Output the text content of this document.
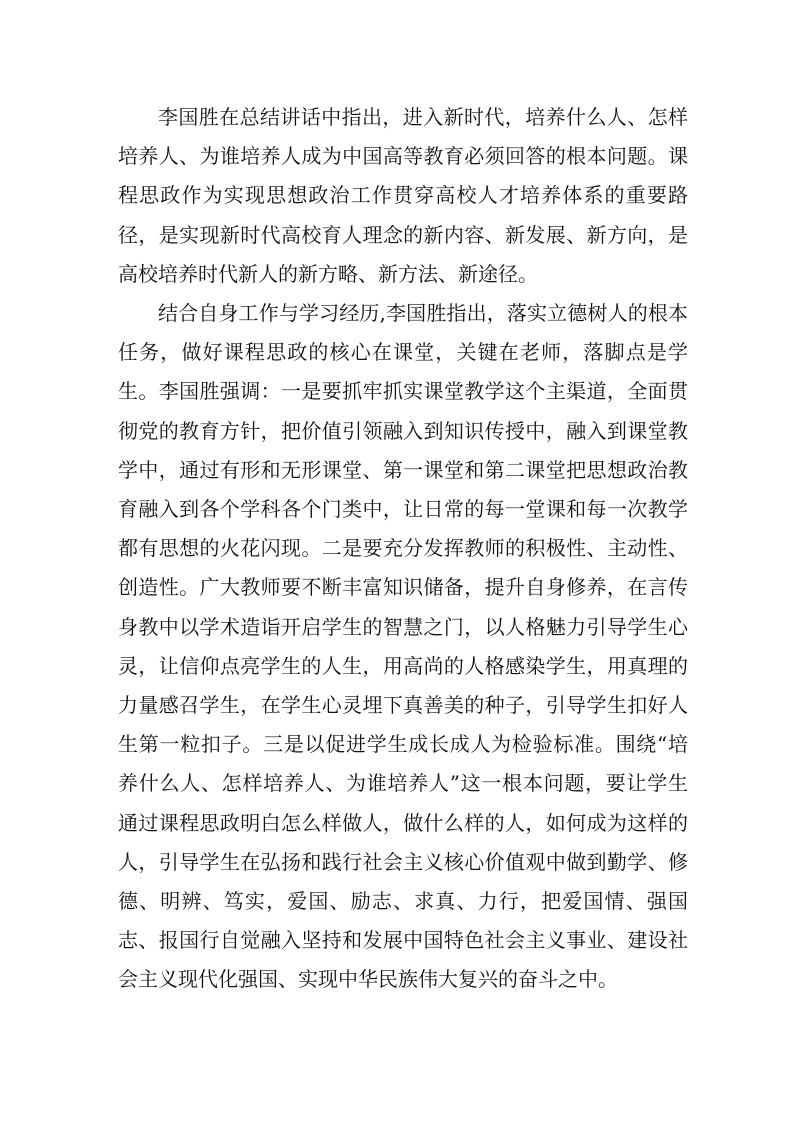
李国胜在总结讲话中指出，进入新时代，培养什么人、怎样培养人、为谁培养人成为中国高等教育必须回答的根本问题。课程思政作为实现思想政治工作贯穿高校人才培养体系的重要路径，是实现新时代高校育人理念的新内容、新发展、新方向，是高校培养时代新人的新方略、新方法、新途径。

结合自身工作与学习经历,李国胜指出，落实立德树人的根本任务，做好课程思政的核心在课堂，关键在老师，落脚点是学生。李国胜强调：一是要抓牢抓实课堂教学这个主渠道，全面贯彻党的教育方针，把价值引领融入到知识传授中，融入到课堂教学中，通过有形和无形课堂、第一课堂和第二课堂把思想政治教育融入到各个学科各个门类中，让日常的每一堂课和每一次教学都有思想的火花闪现。二是要充分发挥教师的积极性、主动性、创造性。广大教师要不断丰富知识储备，提升自身修养，在言传身教中以学术造诣开启学生的智慧之门，以人格魅力引导学生心灵，让信仰点亮学生的人生，用高尚的人格感染学生，用真理的力量感召学生，在学生心灵埋下真善美的种子，引导学生扣好人生第一粒扣子。三是以促进学生成长成人为检验标准。围绕“培养什么人、怎样培养人、为谁培养人”这一根本问题，要让学生通过课程思政明白怎么样做人，做什么样的人，如何成为这样的人，引导学生在弘扬和践行社会主义核心价值观中做到勤学、修德、明辨、笃实，爱国、励志、求真、力行，把爱国情、强国志、报国行自觉融入坚持和发展中国特色社会主义事业、建设社会主义现代化强国、实现中华民族伟大复兴的奋斗之中。
